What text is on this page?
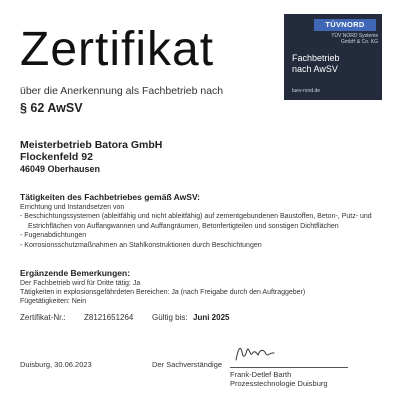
Zertifikat
über die Anerkennung als Fachbetrieb nach
§ 62 AwSV
TÜVNORD
TÜV NORD Systems
GmbH & Co. KG
Fachbetrieb
nach AwSV
tuev-nord.de
Meisterbetrieb Batora GmbH
Flockenfeld 92
46049 Oberhausen
Tätigkeiten des Fachbetriebes gemäß AwSV:
Errichtung und Instandsetzen von
- Beschichtungssystemen (ableitfähig und nicht ableitfähig) auf zementgebundenen Baustoffen, Beton-, Putz- und Estrichflächen von Auffangwannen und Auffangräumen, Betonfertigteilen und sonstigen Dichtflächen
- Fugenabdichtungen
- Korrosionsschutzmaßnahmen an Stahlkonstruktionen durch Beschichtungen
Ergänzende Bemerkungen:
Der Fachbetrieb wird für Dritte tätig: Ja
Tätigkeiten in explosionsgefährdeten Bereichen: Ja (nach Freigabe durch den Auftraggeber)
Fügetätigkeiten: Nein
Zertifikat-Nr.: Z8121651264 Gültig bis: Juni 2025
Duisburg, 30.06.2023	Der Sachverständige
Frank-Detlef Barth
Prozesstechnologie Duisburg
